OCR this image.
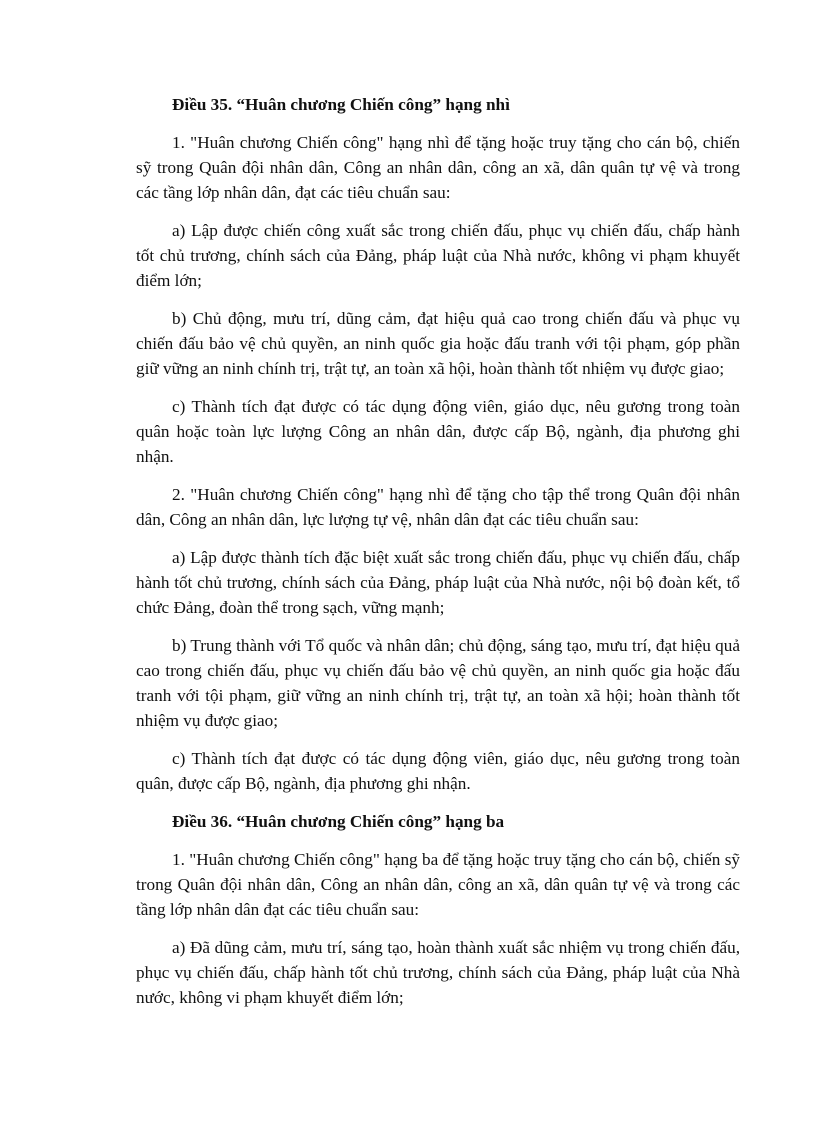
Điều 35. “Huân chương Chiến công” hạng nhì

1. "Huân chương Chiến công" hạng nhì để tặng hoặc truy tặng cho cán bộ, chiến sỹ trong Quân đội nhân dân, Công an nhân dân, công an xã, dân quân tự vệ và trong các tầng lớp nhân dân, đạt các tiêu chuẩn sau:

a) Lập được chiến công xuất sắc trong chiến đấu, phục vụ chiến đấu, chấp hành tốt chủ trương, chính sách của Đảng, pháp luật của Nhà nước, không vi phạm khuyết điểm lớn;

b) Chủ động, mưu trí, dũng cảm, đạt hiệu quả cao trong chiến đấu và phục vụ chiến đấu bảo vệ chủ quyền, an ninh quốc gia hoặc đấu tranh với tội phạm, góp phần giữ vững an ninh chính trị, trật tự, an toàn xã hội, hoàn thành tốt nhiệm vụ được giao;

c) Thành tích đạt được có tác dụng động viên, giáo dục, nêu gương trong toàn quân hoặc toàn lực lượng Công an nhân dân, được cấp Bộ, ngành, địa phương ghi nhận.

2. "Huân chương Chiến công" hạng nhì để tặng cho tập thể trong Quân đội nhân dân, Công an nhân dân, lực lượng tự vệ, nhân dân đạt các tiêu chuẩn sau:

a) Lập được thành tích đặc biệt xuất sắc trong chiến đấu, phục vụ chiến đấu, chấp hành tốt chủ trương, chính sách của Đảng, pháp luật của Nhà nước, nội bộ đoàn kết, tổ chức Đảng, đoàn thể trong sạch, vững mạnh;

b) Trung thành với Tổ quốc và nhân dân; chủ động, sáng tạo, mưu trí, đạt hiệu quả cao trong chiến đấu, phục vụ chiến đấu bảo vệ chủ quyền, an ninh quốc gia hoặc đấu tranh với tội phạm, giữ vững an ninh chính trị, trật tự, an toàn xã hội; hoàn thành tốt nhiệm vụ được giao;

c) Thành tích đạt được có tác dụng động viên, giáo dục, nêu gương trong toàn quân, được cấp Bộ, ngành, địa phương ghi nhận.

Điều 36. “Huân chương Chiến công” hạng ba

1. "Huân chương Chiến công" hạng ba để tặng hoặc truy tặng cho cán bộ, chiến sỹ trong Quân đội nhân dân, Công an nhân dân, công an xã, dân quân tự vệ và trong các tầng lớp nhân dân đạt các tiêu chuẩn sau:

a) Đã dũng cảm, mưu trí, sáng tạo, hoàn thành xuất sắc nhiệm vụ trong chiến đấu, phục vụ chiến đấu, chấp hành tốt chủ trương, chính sách của Đảng, pháp luật của Nhà nước, không vi phạm khuyết điểm lớn;
